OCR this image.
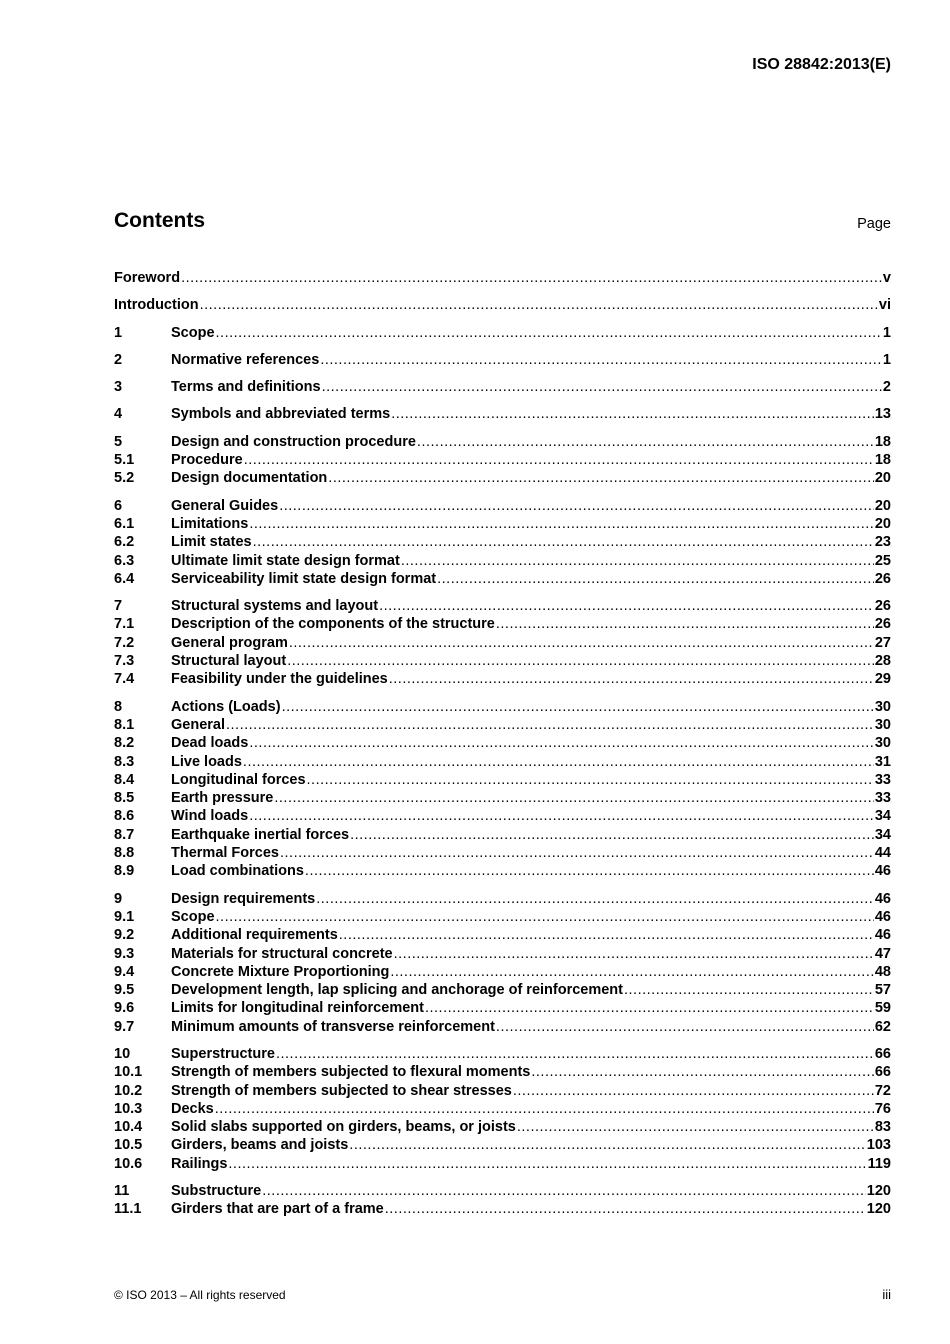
ISO 28842:2013(E)
Contents	Page
Foreword .....	v
Introduction .....	vi
1	Scope .....	1
2	Normative references .....	1
3	Terms and definitions .....	2
4	Symbols and abbreviated terms .....	13
5	Design and construction procedure .....	18
5.1	Procedure .....	18
5.2	Design documentation .....	20
6	General Guides .....	20
6.1	Limitations .....	20
6.2	Limit states .....	23
6.3	Ultimate limit state design format .....	25
6.4	Serviceability limit state design format .....	26
7	Structural systems and layout .....	26
7.1	Description of the components of the structure .....	26
7.2	General program .....	27
7.3	Structural layout .....	28
7.4	Feasibility under the guidelines .....	29
8	Actions (Loads) .....	30
8.1	General .....	30
8.2	Dead loads .....	30
8.3	Live loads .....	31
8.4	Longitudinal forces .....	33
8.5	Earth pressure .....	33
8.6	Wind loads .....	34
8.7	Earthquake inertial forces .....	34
8.8	Thermal Forces .....	44
8.9	Load combinations .....	46
9	Design requirements .....	46
9.1	Scope .....	46
9.2	Additional requirements .....	46
9.3	Materials for structural concrete .....	47
9.4	Concrete Mixture Proportioning .....	48
9.5	Development length, lap splicing and anchorage of reinforcement .....	57
9.6	Limits for longitudinal reinforcement .....	59
9.7	Minimum amounts of transverse reinforcement .....	62
10	Superstructure .....	66
10.1	Strength of members subjected to flexural moments .....	66
10.2	Strength of members subjected to shear stresses .....	72
10.3	Decks .....	76
10.4	Solid slabs supported on girders, beams, or joists .....	83
10.5	Girders, beams and joists .....	103
10.6	Railings .....	119
11	Substructure .....	120
11.1	Girders that are part of a frame .....	120
© ISO 2013 – All rights reserved	iii
